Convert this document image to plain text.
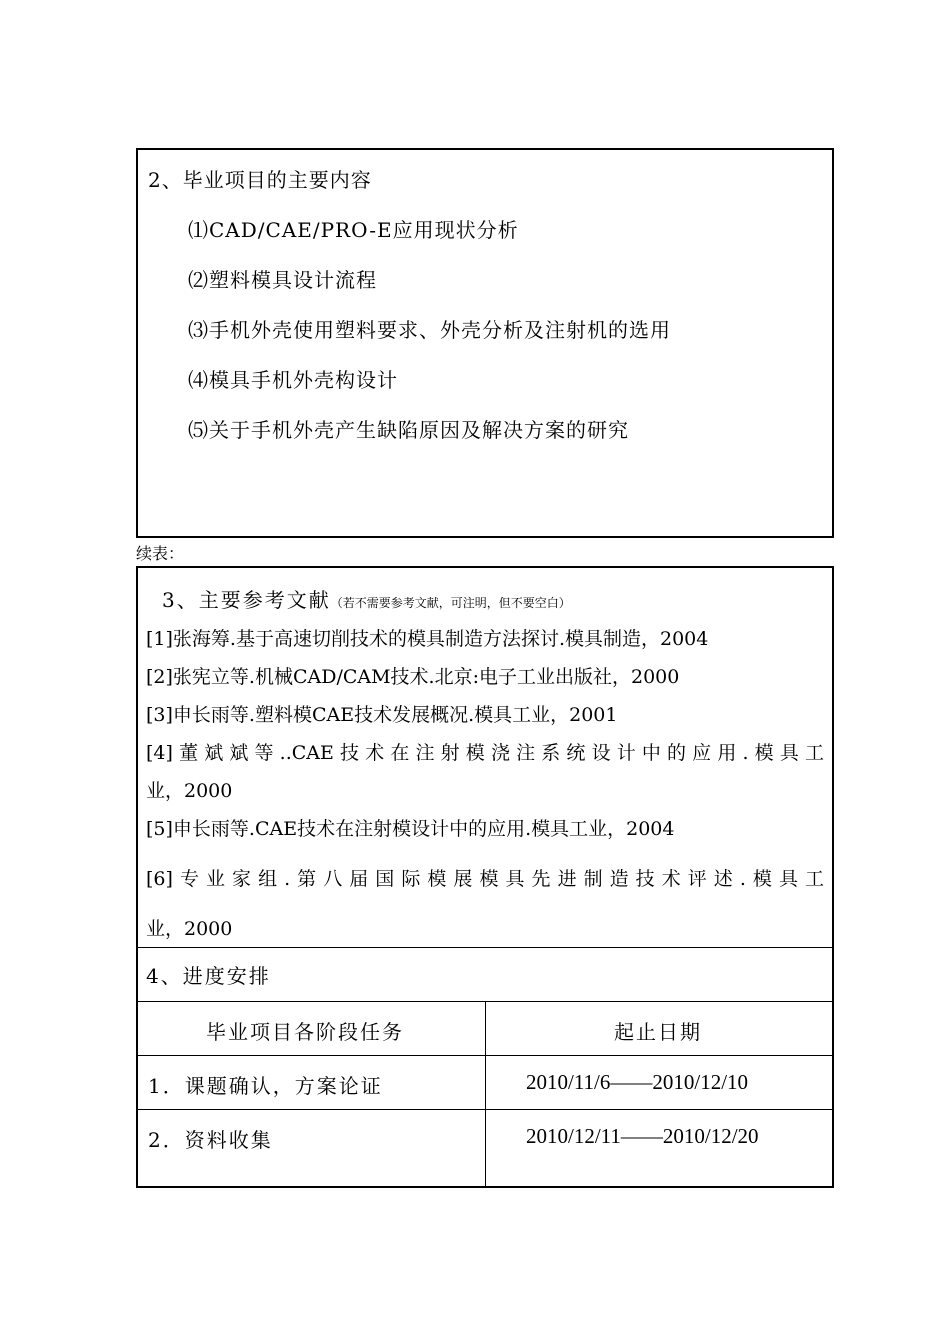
2、毕业项目的主要内容
⑴CAD/CAE/PRO-E应用现状分析
⑵塑料模具设计流程
⑶手机外壳使用塑料要求、外壳分析及注射机的选用
⑷模具手机外壳构设计
⑸关于手机外壳产生缺陷原因及解决方案的研究
续表：
3、主要参考文献（若不需要参考文献，可注明，但不要空白）
[1]张海筹.基于高速切削技术的模具制造方法探讨.模具制造，2004
[2]张宪立等.机械CAD/CAM技术.北京:电子工业出版社，2000
[3]申长雨等.塑料模CAE技术发展概况.模具工业，2001
[4]董斌斌等..CAE技术在注射模浇注系统设计中的应用.模具工
业，2000
[5]申长雨等.CAE技术在注射模设计中的应用.模具工业，2004
[6]专业家组.第八届国际模展模具先进制造技术评述.模具工
业，2000
4、进度安排
毕业项目各阶段任务	起止日期
1．课题确认，方案论证	2010/11/6——2010/12/10
2．资料收集	2010/12/11——2010/12/20
